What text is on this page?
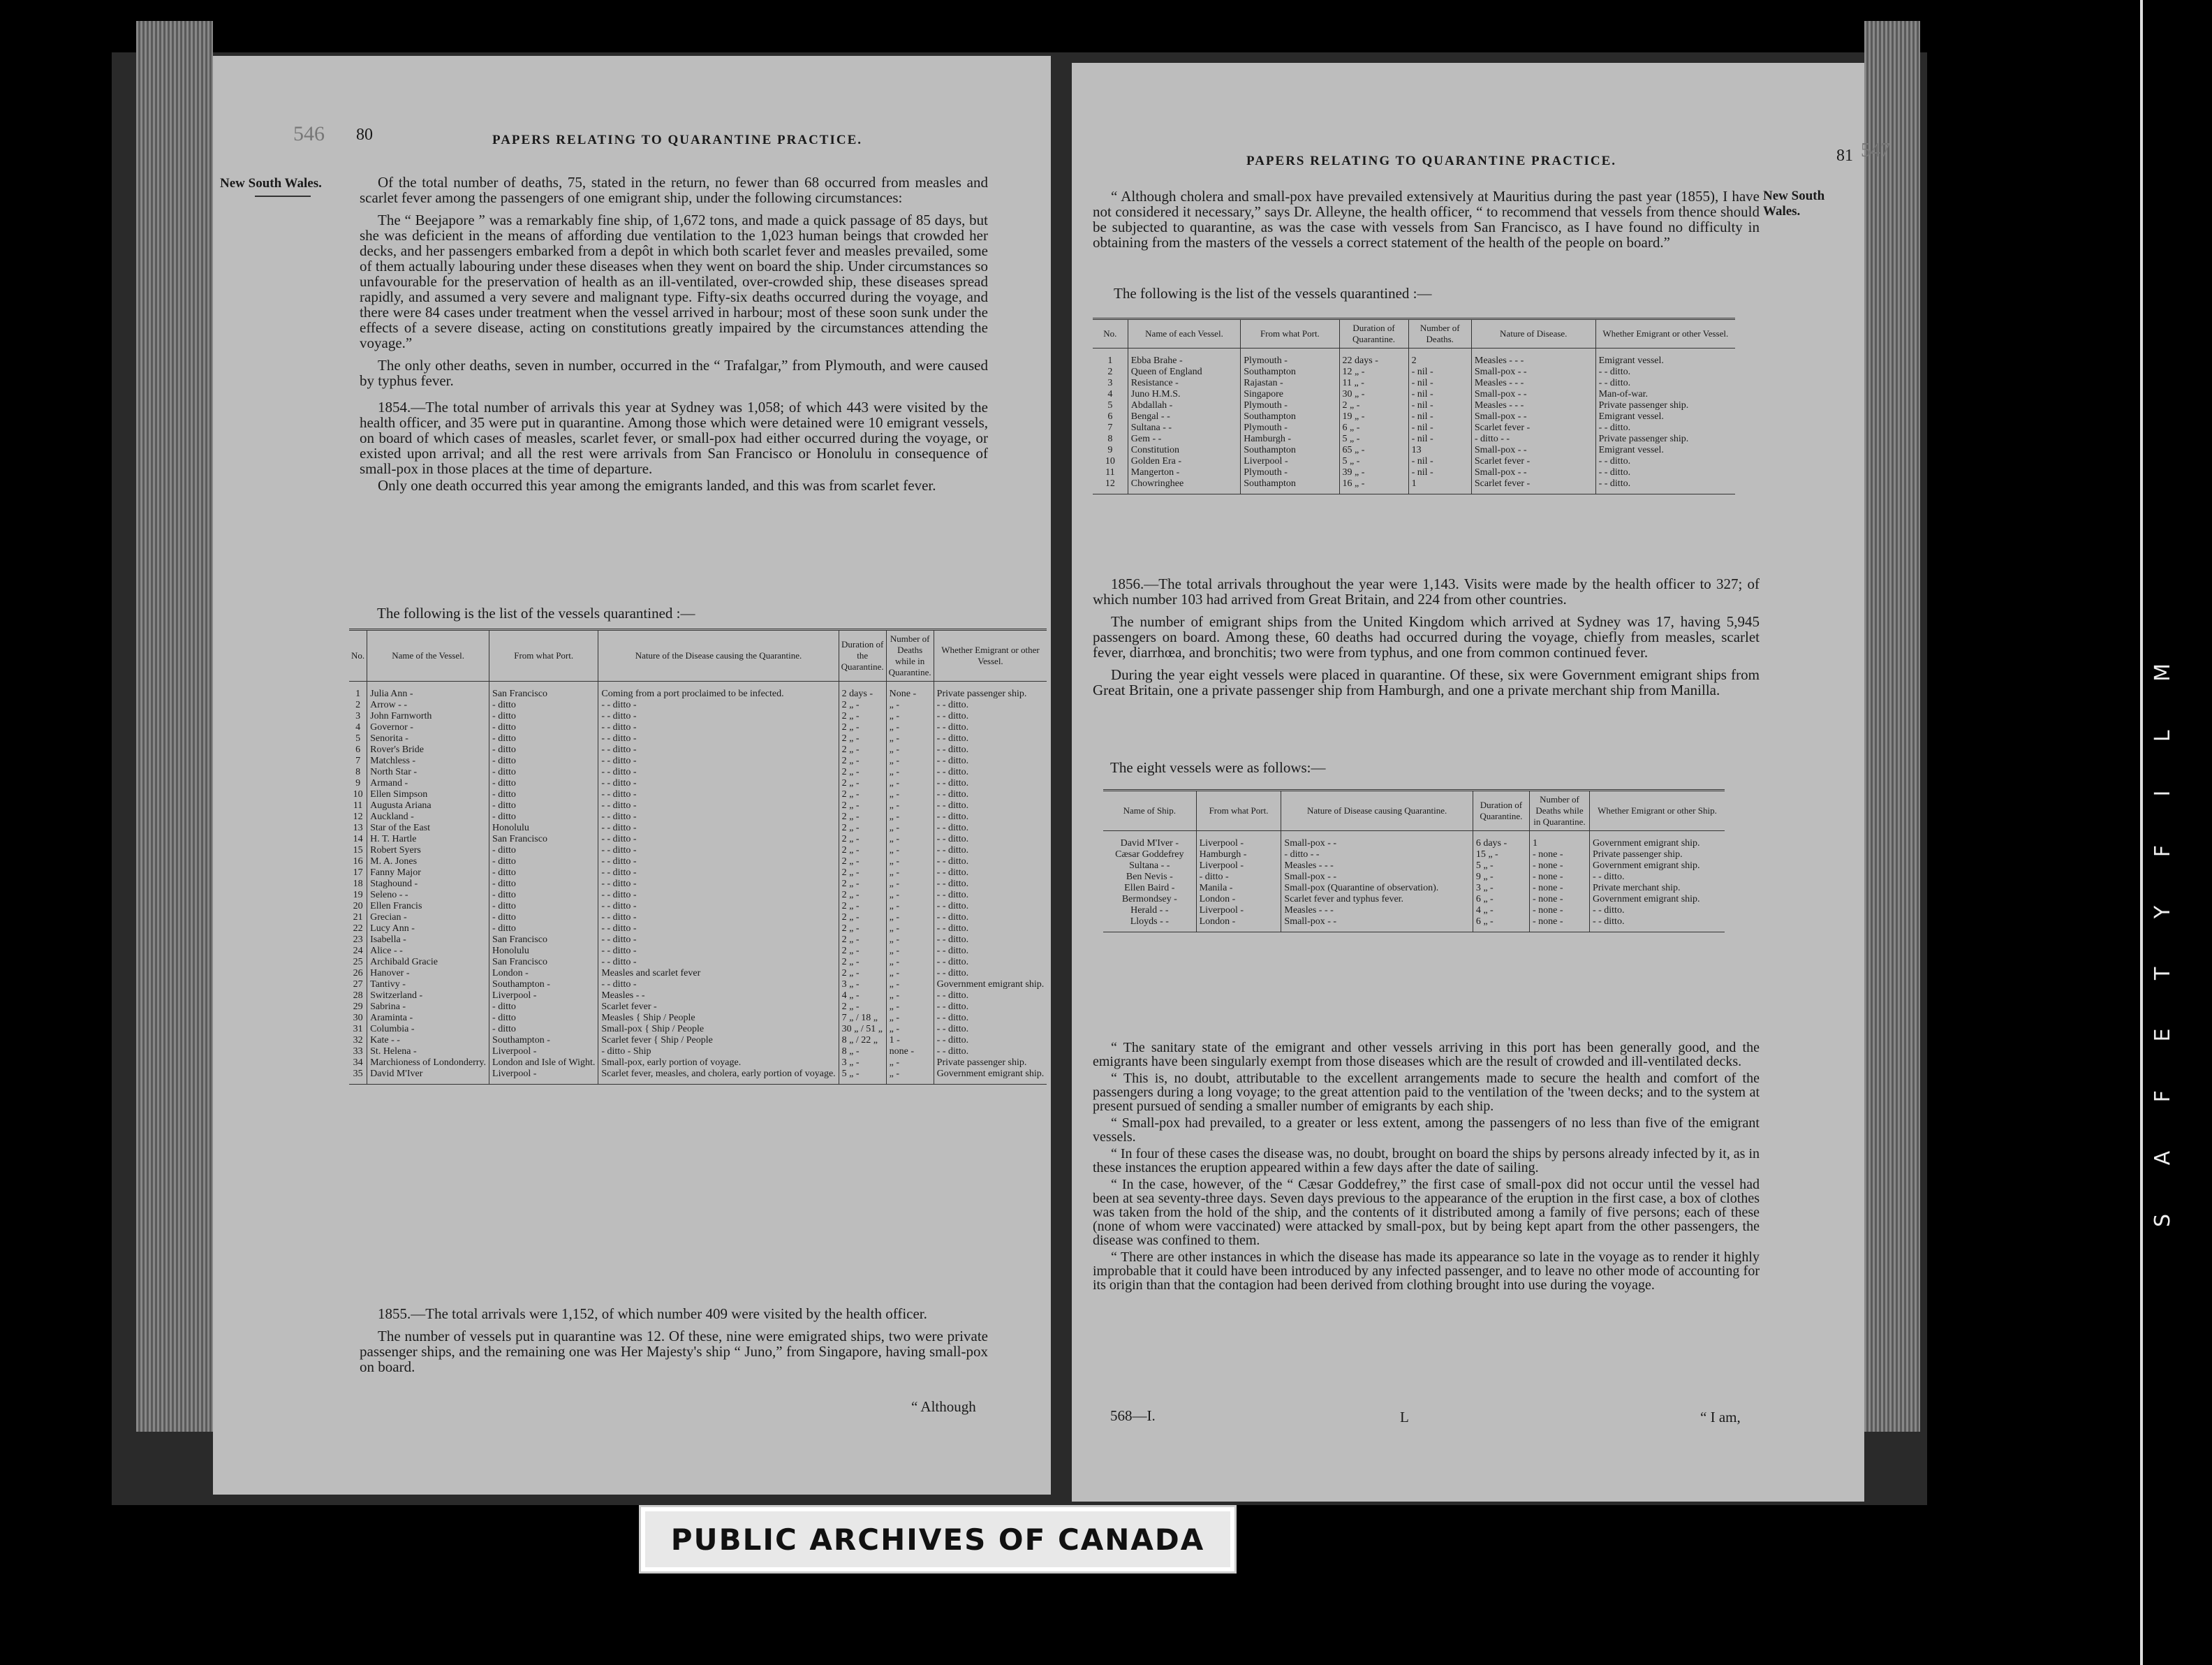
546 80	PAPERS RELATING TO QUARANTINE PRACTICE.
New South Wales.	Of the total number of deaths, 75, stated in the return, no fewer than 68 occurred from measles and scarlet fever among the passengers of one emigrant ship, under the following circumstances:

The “ Beejapore ” was a remarkably fine ship, of 1,672 tons, and made a quick passage of 85 days, but she was deficient in the means of affording due ventilation to the 1,023 human beings that crowded her decks, and her passengers embarked from a depôt in which both scarlet fever and measles prevailed, some of them actually labouring under these diseases when they went on board the ship. Under circumstances so unfavourable for the preservation of health as an ill-ventilated, over-crowded ship, these diseases spread rapidly, and assumed a very severe and malignant type. Fifty-six deaths occurred during the voyage, and there were 84 cases under treatment when the vessel arrived in harbour; most of these soon sunk under the effects of a severe disease, acting on constitutions greatly impaired by the circumstances attending the voyage.”

The only other deaths, seven in number, occurred in the “ Trafalgar,” from Plymouth, and were caused by typhus fever.

1854.—The total number of arrivals this year at Sydney was 1,058; of which 443 were visited by the health officer, and 35 were put in quarantine. Among those which were detained were 10 emigrant vessels, on board of which cases of measles, scarlet fever, or small-pox had either occurred during the voyage, or existed upon arrival; and all the rest were arrivals from San Francisco or Honolulu in consequence of small-pox in those places at the time of departure.

Only one death occurred this year among the emigrants landed, and this was from scarlet fever.

The following is the list of the vessels quarantined :—
No.	Name of the Vessel.	From what Port.	Nature of the Disease causing the Quarantine.	Duration of the Quarantine.	Number of Deaths while in Quarantine.	Whether Emigrant or other Vessel.
1	Julia Ann -	San Francisco	Coming from a port proclaimed to be infected.	2 days -	None -	Private passenger ship.
2	Arrow - -	- ditto	- - ditto -	2 „ -	„ -	- - ditto.
3	John Farnworth	- ditto	- - ditto -	2 „ -	„ -	- - ditto.
4	Governor -	- ditto	- - ditto -	2 „ -	„ -	- - ditto.
5	Senorita -	- ditto	- - ditto -	2 „ -	„ -	- - ditto.
6	Rover's Bride	- ditto	- - ditto -	2 „ -	„ -	- - ditto.
7	Matchless -	- ditto	- - ditto -	2 „ -	„ -	- - ditto.
8	North Star -	- ditto	- - ditto -	2 „ -	„ -	- - ditto.
9	Armand -	- ditto	- - ditto -	2 „ -	„ -	- - ditto.
10	Ellen Simpson	- ditto	- - ditto -	2 „ -	„ -	- - ditto.
11	Augusta Ariana	- ditto	- - ditto -	2 „ -	„ -	- - ditto.
12	Auckland -	- ditto	- - ditto -	2 „ -	„ -	- - ditto.
13	Star of the East	Honolulu	- - ditto -	2 „ -	„ -	- - ditto.
14	H. T. Hartle	San Francisco	- - ditto -	2 „ -	„ -	- - ditto.
15	Robert Syers	- ditto	- - ditto -	2 „ -	„ -	- - ditto.
16	M. A. Jones	- ditto	- - ditto -	2 „ -	„ -	- - ditto.
17	Fanny Major	- ditto	- - ditto -	2 „ -	„ -	- - ditto.
18	Staghound -	- ditto	- - ditto -	2 „ -	„ -	- - ditto.
19	Seleno - -	- ditto	- - ditto -	2 „ -	„ -	- - ditto.
20	Ellen Francis	- ditto	- - ditto -	2 „ -	„ -	- - ditto.
21	Grecian -	- ditto	- - ditto -	2 „ -	„ -	- - ditto.
22	Lucy Ann -	- ditto	- - ditto -	2 „ -	„ -	- - ditto.
23	Isabella -	San Francisco	- - ditto -	2 „ -	„ -	- - ditto.
24	Alice - -	Honolulu	- - ditto -	2 „ -	„ -	- - ditto.
25	Archibald Gracie	San Francisco	- - ditto -	2 „ -	„ -	- - ditto.
26	Hanover -	London -	Measles and scarlet fever	2 „ -	„ -	- - ditto.
27	Tantivy -	Southampton -	- - ditto -	3 „ -	„ -	Government emigrant ship.
28	Switzerland -	Liverpool -	Measles - -	4 „ -	„ -	- - ditto.
29	Sabrina -	- ditto	Scarlet fever -	2 „ -	„ -	- - ditto.
30	Araminta -	- ditto	Measles { Ship / People	7 „ / 18 „	„ -	- - ditto.
31	Columbia -	- ditto	Small-pox { Ship / People	30 „ / 51 „	„ -	- - ditto.
32	Kate - -	Southampton -	Scarlet fever { Ship / People	8 „ / 22 „	1 -	- - ditto.
33	St. Helena -	Liverpool -	- ditto - Ship	8 „ -	none -	- - ditto.
34	Marchioness of Londonderry.	London and Isle of Wight.	Small-pox, early portion of voyage.	3 „ -	„ -	Private passenger ship.
35	David M'Iver	Liverpool -	Scarlet fever, measles, and cholera, early portion of voyage.	5 „ -	„ -	Government emigrant ship.

1855.—The total arrivals were 1,152, of which number 409 were visited by the health officer.

The number of vessels put in quarantine was 12. Of these, nine were emigrated ships, two were private passenger ships, and the remaining one was Her Majesty's ship “ Juno,” from Singapore, having small-pox on board.

“ Although
PAPERS RELATING TO QUARANTINE PRACTICE.	81 547
New South Wales.

“ Although cholera and small-pox have prevailed extensively at Mauritius during the past year (1855), I have not considered it necessary,” says Dr. Alleyne, the health officer, “ to recommend that vessels from thence should be subjected to quarantine, as was the case with vessels from San Francisco, as I have found no difficulty in obtaining from the masters of the vessels a correct statement of the health of the people on board.”

The following is the list of the vessels quarantined :—
No.	Name of each Vessel.	From what Port.	Duration of Quarantine.	Number of Deaths.	Nature of Disease.	Whether Emigrant or other Vessel.
1	Ebba Brahe -	Plymouth -	22 days -	2	Measles - - -	Emigrant vessel.
2	Queen of England	Southampton	12 „ -	- nil -	Small-pox - -	- - ditto.
3	Resistance -	Rajastan -	11 „ -	- nil -	Measles - - -	- - ditto.
4	Juno H.M.S.	Singapore	30 „ -	- nil -	Small-pox - -	Man-of-war.
5	Abdallah -	Plymouth -	2 „ -	- nil -	Measles - - -	Private passenger ship.
6	Bengal - -	Southampton	19 „ -	- nil -	Small-pox - -	Emigrant vessel.
7	Sultana - -	Plymouth -	6 „ -	- nil -	Scarlet fever -	- - ditto.
8	Gem - -	Hamburgh -	5 „ -	- nil -	- ditto - -	Private passenger ship.
9	Constitution	Southampton	65 „ -	13	Small-pox - -	Emigrant vessel.
10	Golden Era -	Liverpool -	5 „ -	- nil -	Scarlet fever -	- - ditto.
11	Mangerton -	Plymouth -	39 „ -	- nil -	Small-pox - -	- - ditto.
12	Chowringhee	Southampton	16 „ -	1	Scarlet fever -	- - ditto.

1856.—The total arrivals throughout the year were 1,143. Visits were made by the health officer to 327; of which number 103 had arrived from Great Britain, and 224 from other countries.

The number of emigrant ships from the United Kingdom which arrived at Sydney was 17, having 5,945 passengers on board. Among these, 60 deaths had occurred during the voyage, chiefly from measles, scarlet fever, diarrhœa, and bronchitis; two were from typhus, and one from common continued fever.

During the year eight vessels were placed in quarantine. Of these, six were Government emigrant ships from Great Britain, one a private passenger ship from Hamburgh, and one a private merchant ship from Manilla.

The eight vessels were as follows:—
Name of Ship.	From what Port.	Nature of Disease causing Quarantine.	Duration of Quarantine.	Number of Deaths while in Quarantine.	Whether Emigrant or other Ship.
David M'Iver -	Liverpool -	Small-pox - -	6 days -	1	Government emigrant ship.
Cæsar Goddefrey	Hamburgh -	- ditto - -	15 „ -	- none -	Private passenger ship.
Sultana - -	Liverpool -	Measles - - -	5 „ -	- none -	Government emigrant ship.
Ben Nevis -	- ditto -	Small-pox - -	9 „ -	- none -	- - ditto.
Ellen Baird -	Manila -	Small-pox (Quarantine of observation).	3 „ -	- none -	Private merchant ship.
Bermondsey -	London -	Scarlet fever and typhus fever.	6 „ -	- none -	Government emigrant ship.
Herald - -	Liverpool -	Measles - - -	4 „ -	- none -	- - ditto.
Lloyds - -	London -	Small-pox - -	6 „ -	- none -	- - ditto.

“ The sanitary state of the emigrant and other vessels arriving in this port has been generally good, and the emigrants have been singularly exempt from those diseases which are the result of crowded and ill-ventilated decks.

“ This is, no doubt, attributable to the excellent arrangements made to secure the health and comfort of the passengers during a long voyage; to the great attention paid to the ventilation of the 'tween decks; and to the system at present pursued of sending a smaller number of emigrants by each ship.

“ Small-pox had prevailed, to a greater or less extent, among the passengers of no less than five of the emigrant vessels.

“ In four of these cases the disease was, no doubt, brought on board the ships by persons already infected by it, as in these instances the eruption appeared within a few days after the date of sailing.

“ In the case, however, of the “ Cæsar Goddefrey,” the first case of small-pox did not occur until the vessel had been at sea seventy-three days. Seven days previous to the appearance of the eruption in the first case, a box of clothes was taken from the hold of the ship, and the contents of it distributed among a family of five persons; each of these (none of whom were vaccinated) were attacked by small-pox, but by being kept apart from the other passengers, the disease was confined to them.

“ There are other instances in which the disease has made its appearance so late in the voyage as to render it highly improbable that it could have been introduced by any infected passenger, and to leave no other mode of accounting for its origin than that the contagion had been derived from clothing brought into use during the voyage.

568—I.	L	“ I am,
PUBLIC ARCHIVES OF CANADA
S A F E T Y F I L M
